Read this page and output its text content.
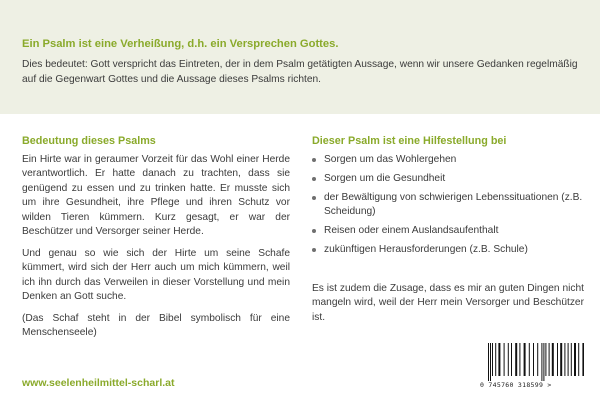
Ein Psalm ist eine Verheißung, d.h. ein Versprechen Gottes.
Dies bedeutet: Gott verspricht das Eintreten, der in dem Psalm getätigten Aussage, wenn wir unsere Gedanken regelmäßig auf die Gegenwart Gottes und die Aussage dieses Psalms richten.
Bedeutung dieses Psalms

Ein Hirte war in geraumer Vorzeit für das Wohl einer Herde verantwortlich. Er hatte danach zu trachten, dass sie genügend zu essen und zu trinken hatte. Er musste sich um ihre Gesundheit, ihre Pflege und ihren Schutz vor wilden Tieren kümmern. Kurz gesagt, er war der Beschützer und Versorger seiner Herde.

Und genau so wie sich der Hirte um seine Schafe kümmert, wird sich der Herr auch um mich kümmern, weil ich ihn durch das Verweilen in dieser Vorstellung und mein Denken an Gott suche.

(Das Schaf steht in der Bibel symbolisch für eine Menschenseele)

Dieser Psalm ist eine Hilfestellung bei
Sorgen um das Wohlergehen
Sorgen um die Gesundheit
der Bewältigung von schwierigen Lebenssituationen (z.B. Scheidung)
Reisen oder einem Auslandsaufenthalt
zukünftigen Herausforderungen (z.B. Schule)
Es ist zudem die Zusage, dass es mir an guten Dingen nicht mangeln wird, weil der Herr mein Versorger und Beschützer ist.
www.seelenheilmittel-scharl.at	0 745760 318599 >
